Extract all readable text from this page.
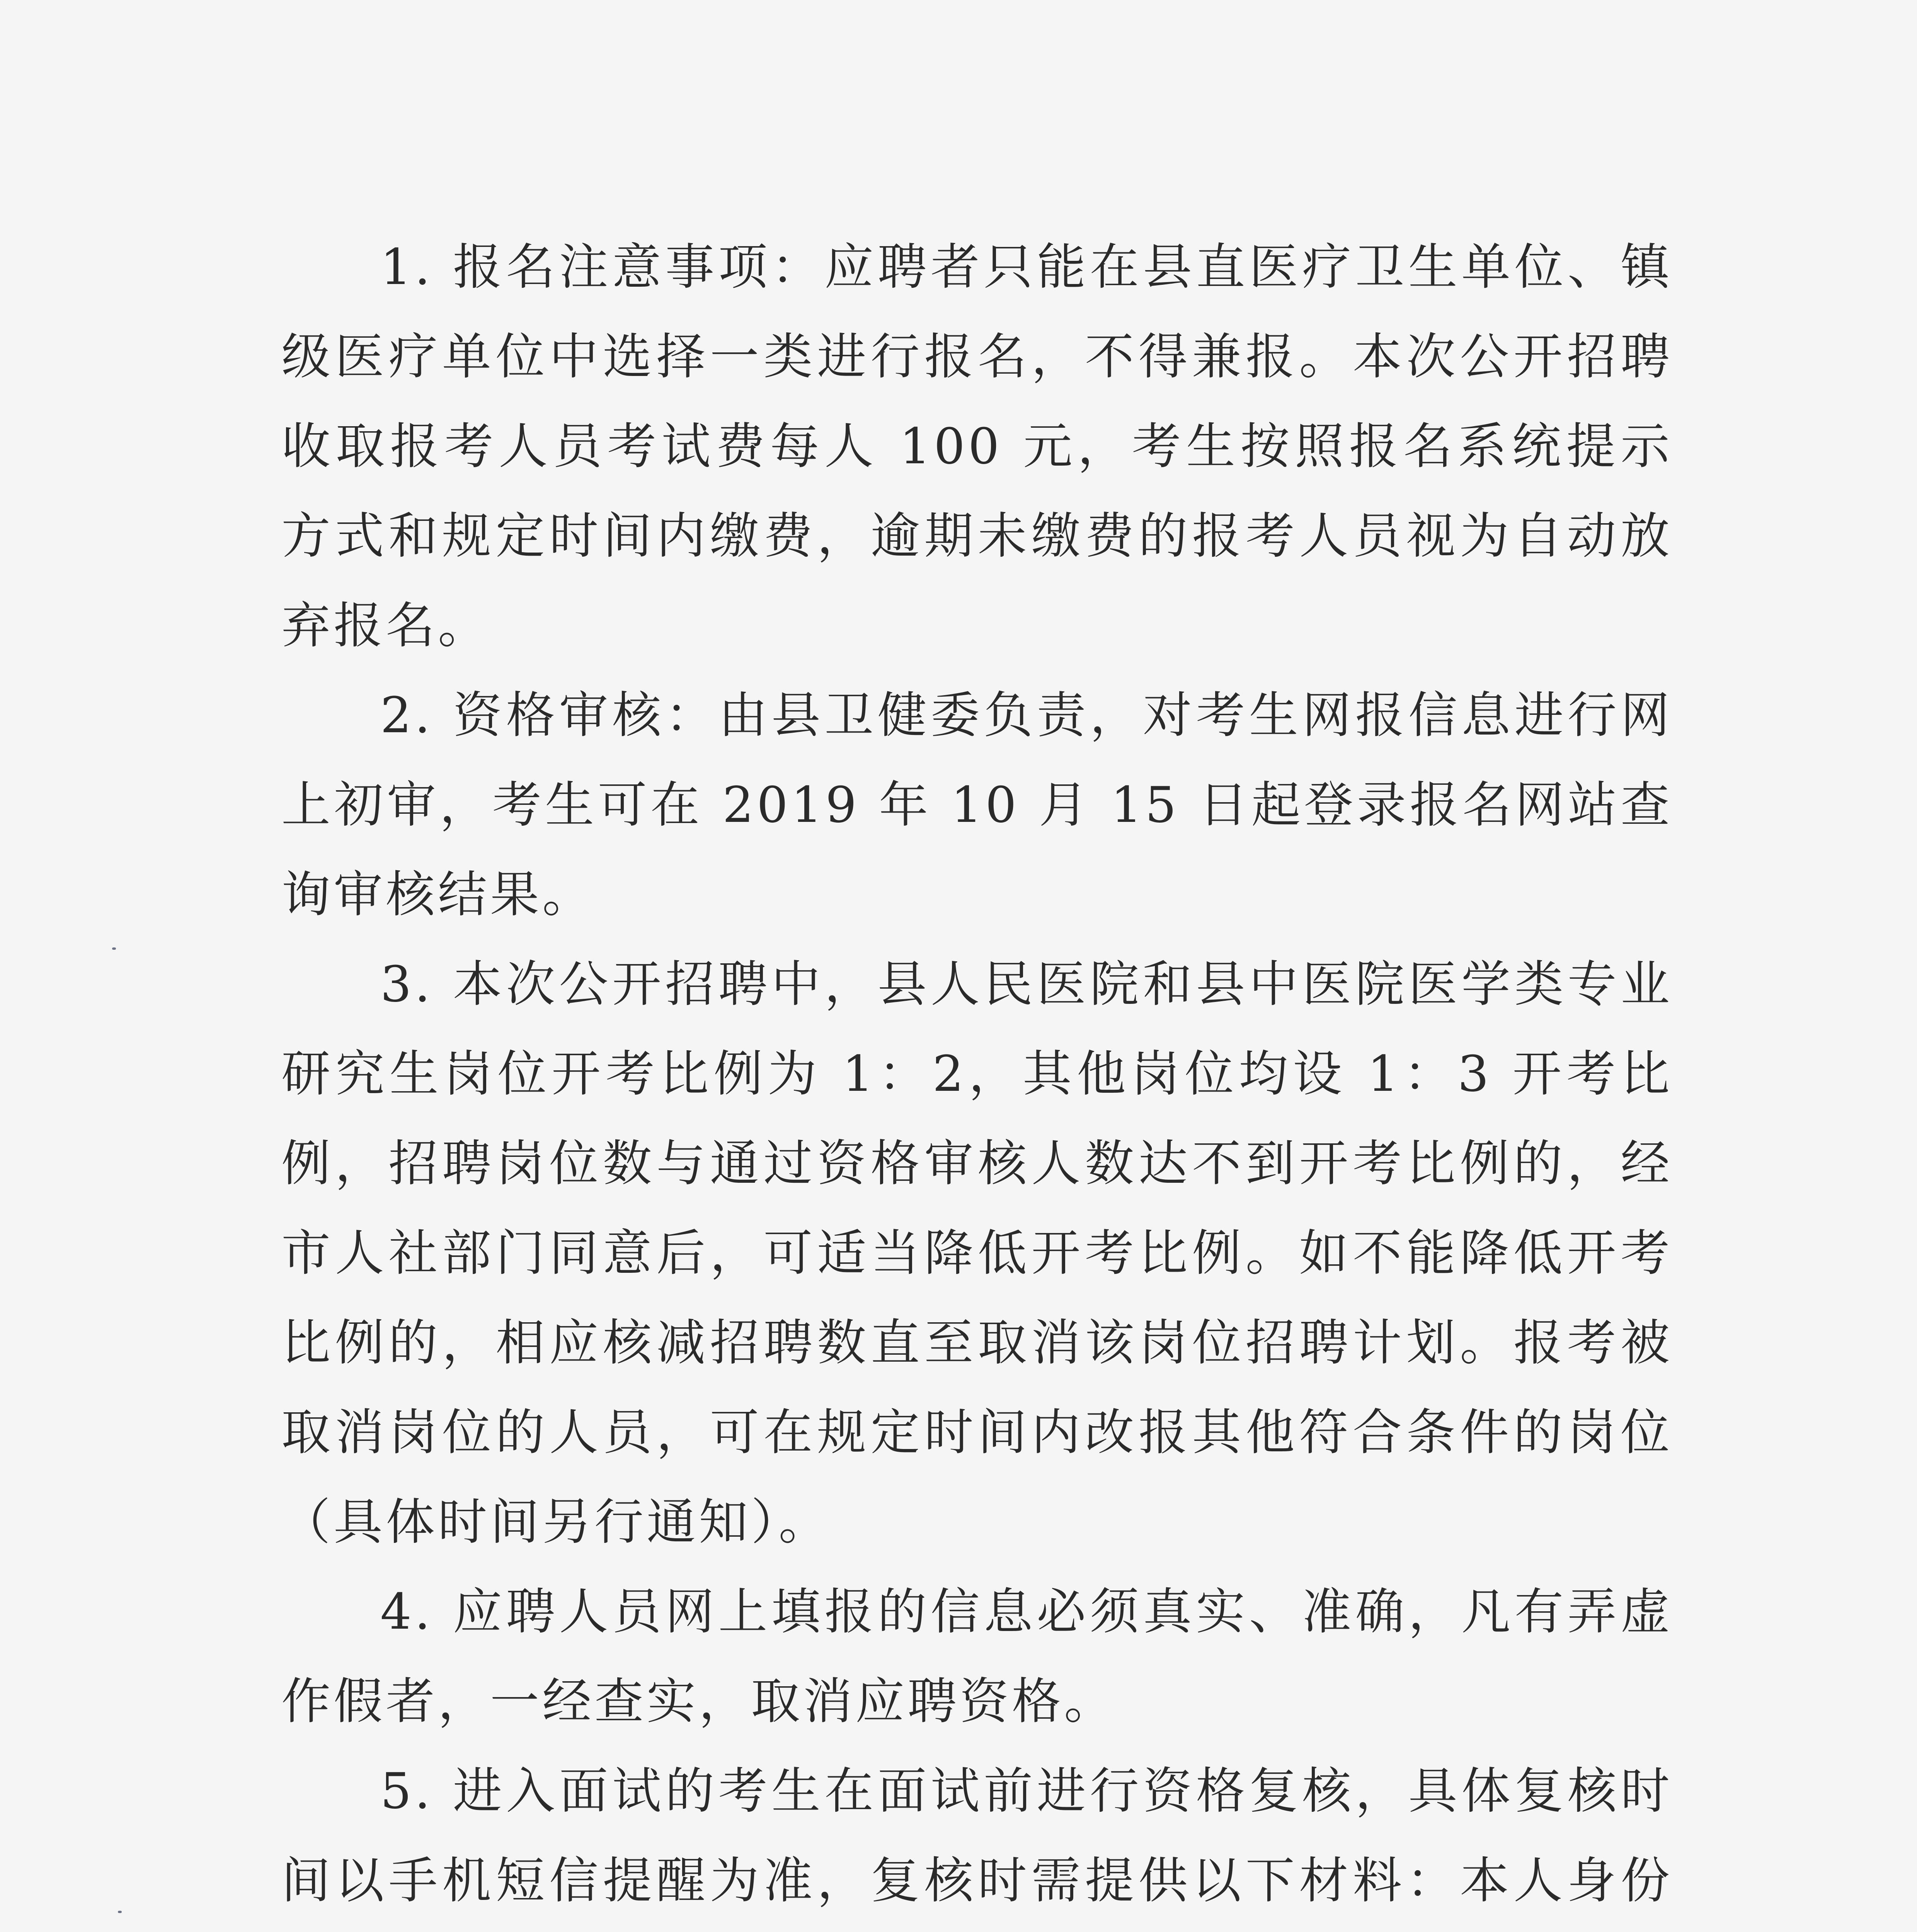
1. 报名注意事项：应聘者只能在县直医疗卫生单位、镇级医疗单位中选择一类进行报名，不得兼报。本次公开招聘收取报考人员考试费每人 100 元，考生按照报名系统提示方式和规定时间内缴费，逾期未缴费的报考人员视为自动放弃报名。

2. 资格审核：由县卫健委负责，对考生网报信息进行网上初审，考生可在 2019 年 10 月 15 日起登录报名网站查询审核结果。

3. 本次公开招聘中，县人民医院和县中医院医学类专业研究生岗位开考比例为 1：2，其他岗位均设 1：3 开考比例，招聘岗位数与通过资格审核人数达不到开考比例的，经市人社部门同意后，可适当降低开考比例。如不能降低开考比例的，相应核减招聘数直至取消该岗位招聘计划。报考被取消岗位的人员，可在规定时间内改报其他符合条件的岗位（具体时间另行通知）。

4. 应聘人员网上填报的信息必须真实、准确，凡有弄虚作假者，一经查实，取消应聘资格。

5. 进入面试的考生在面试前进行资格复核，具体复核时间以手机短信提醒为准，复核时需提供以下材料：本人身份
